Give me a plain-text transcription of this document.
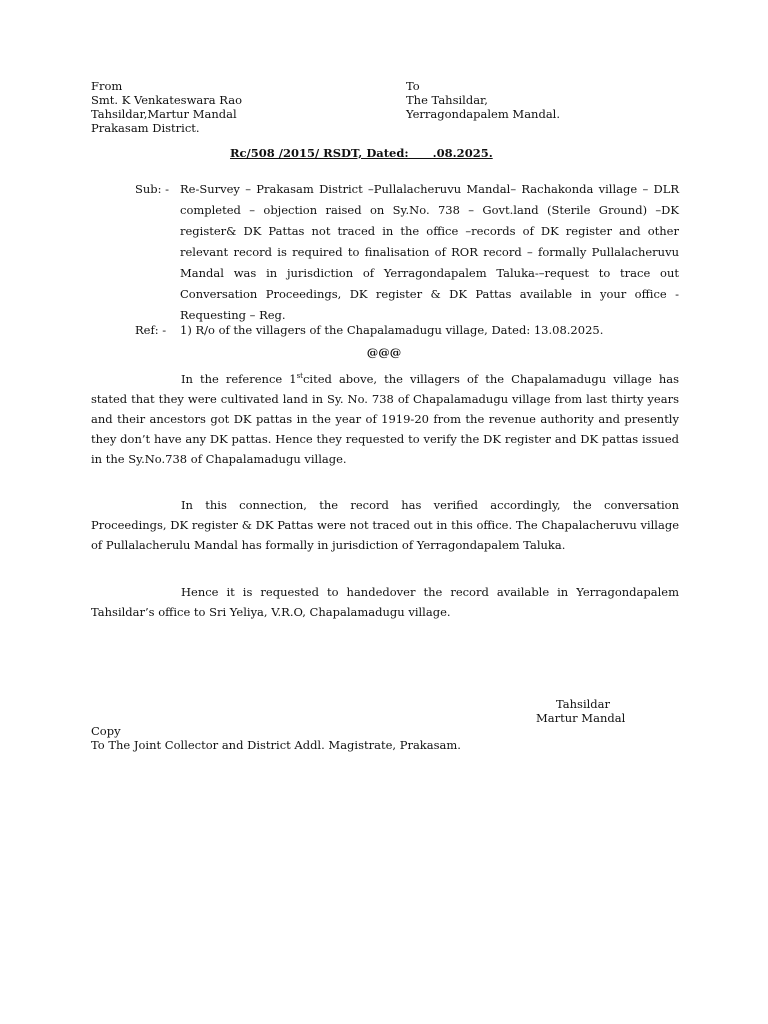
From
Smt. K Venkateswara Rao
Tahsildar,Martur Mandal
Prakasam District.
To
The Tahsildar,
Yerragondapalem Mandal.
Rc/508 /2015/ RSDT, Dated:      .08.2025.
Sub: - Re-Survey – Prakasam District –Pullalacheruvu Mandal– Rachakonda village – DLR completed – objection raised on Sy.No. 738 – Govt.land (Sterile Ground) –DK register& DK Pattas not traced in the office –records of DK register and other relevant record is required to finalisation of ROR record – formally Pullalacheruvu Mandal was in jurisdiction of Yerragondapalem Taluka-–request to trace out Conversation Proceedings, DK register & DK Pattas available in your office - Requesting – Reg.
Ref: - 1) R/o of the villagers of the Chapalamadugu village, Dated: 13.08.2025.
@@@
In the reference 1stcited above, the villagers of the Chapalamadugu village has stated that they were cultivated land in Sy. No. 738 of Chapalamadugu village from last thirty years and their ancestors got DK pattas in the year of 1919-20 from the revenue authority and presently they don’t have any DK pattas. Hence they requested to verify the DK register and DK pattas issued in the Sy.No.738 of Chapalamadugu village.
In this connection, the record has verified accordingly, the conversation Proceedings, DK register & DK Pattas were not traced out in this office. The Chapalacheruvu village of Pullalacherulu Mandal has formally in jurisdiction of Yerragondapalem Taluka.
Hence it is requested to handedover the record available in Yerragondapalem Tahsildar’s office to Sri Yeliya, V.R.O, Chapalamadugu village.
Tahsildar
Martur Mandal
Copy
To The Joint Collector and District Addl. Magistrate, Prakasam.
